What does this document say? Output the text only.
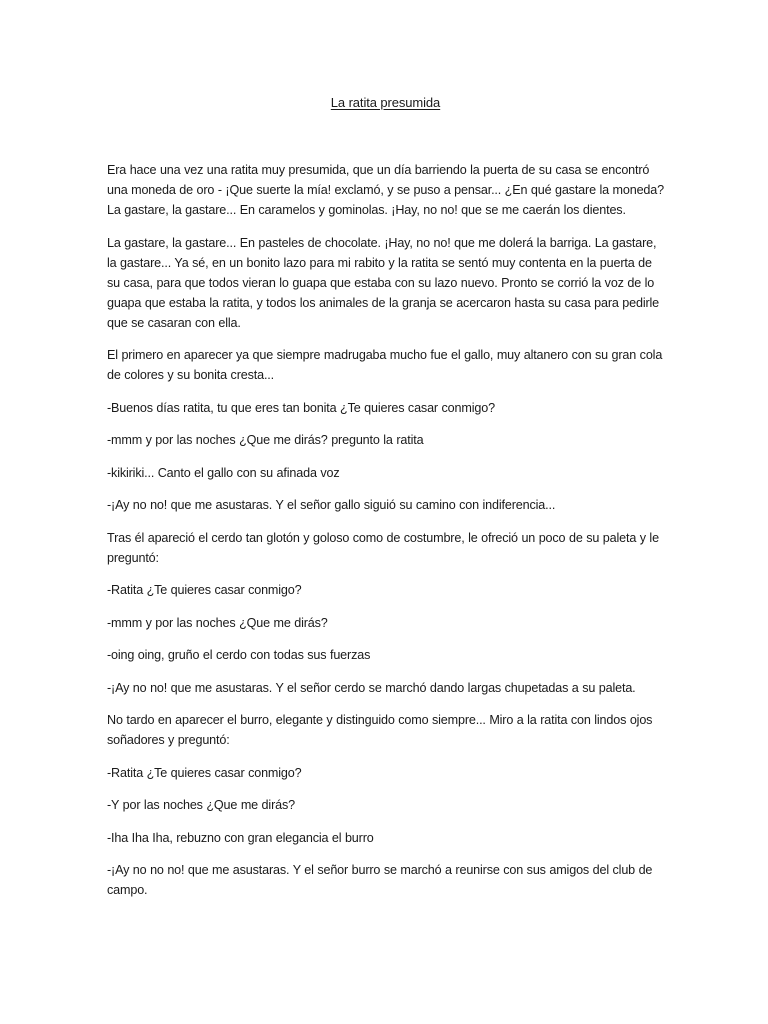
La ratita presumida

Era hace una vez una ratita muy presumida, que un día barriendo la puerta de su casa se encontró una moneda de oro - ¡Que suerte la mía! exclamó, y se puso a pensar... ¿En qué gastare la moneda? La gastare, la gastare... En caramelos y gominolas. ¡Hay, no no! que se me caerán los dientes.

La gastare, la gastare... En pasteles de chocolate. ¡Hay, no no! que me dolerá la barriga. La gastare, la gastare... Ya sé, en un bonito lazo para mi rabito y la ratita se sentó muy contenta en la puerta de su casa, para que todos vieran lo guapa que estaba con su lazo nuevo. Pronto se corrió la voz de lo guapa que estaba la ratita, y todos los animales de la granja se acercaron hasta su casa para pedirle que se casaran con ella.

El primero en aparecer ya que siempre madrugaba mucho fue el gallo, muy altanero con su gran cola de colores y su bonita cresta...

-Buenos días ratita, tu que eres tan bonita ¿Te quieres casar conmigo?

-mmm y por las noches ¿Que me dirás? pregunto la ratita

-kikiriki... Canto el gallo con su afinada voz

-¡Ay no no! que me asustaras. Y el señor gallo siguió su camino con indiferencia...

Tras él apareció el cerdo tan glotón y goloso como de costumbre, le ofreció un poco de su paleta y le preguntó:

-Ratita ¿Te quieres casar conmigo?

-mmm y por las noches ¿Que me dirás?

-oing oing, gruño el cerdo con todas sus fuerzas

-¡Ay no no! que me asustaras. Y el señor cerdo se marchó dando largas chupetadas a su paleta.

No tardo en aparecer el burro, elegante y distinguido como siempre... Miro a la ratita con lindos ojos soñadores y preguntó:

-Ratita ¿Te quieres casar conmigo?

-Y por las noches ¿Que me dirás?

-Iha Iha Iha, rebuzno con gran elegancia el burro

-¡Ay no no no! que me asustaras. Y el señor burro se marchó a reunirse con sus amigos del club de campo.
